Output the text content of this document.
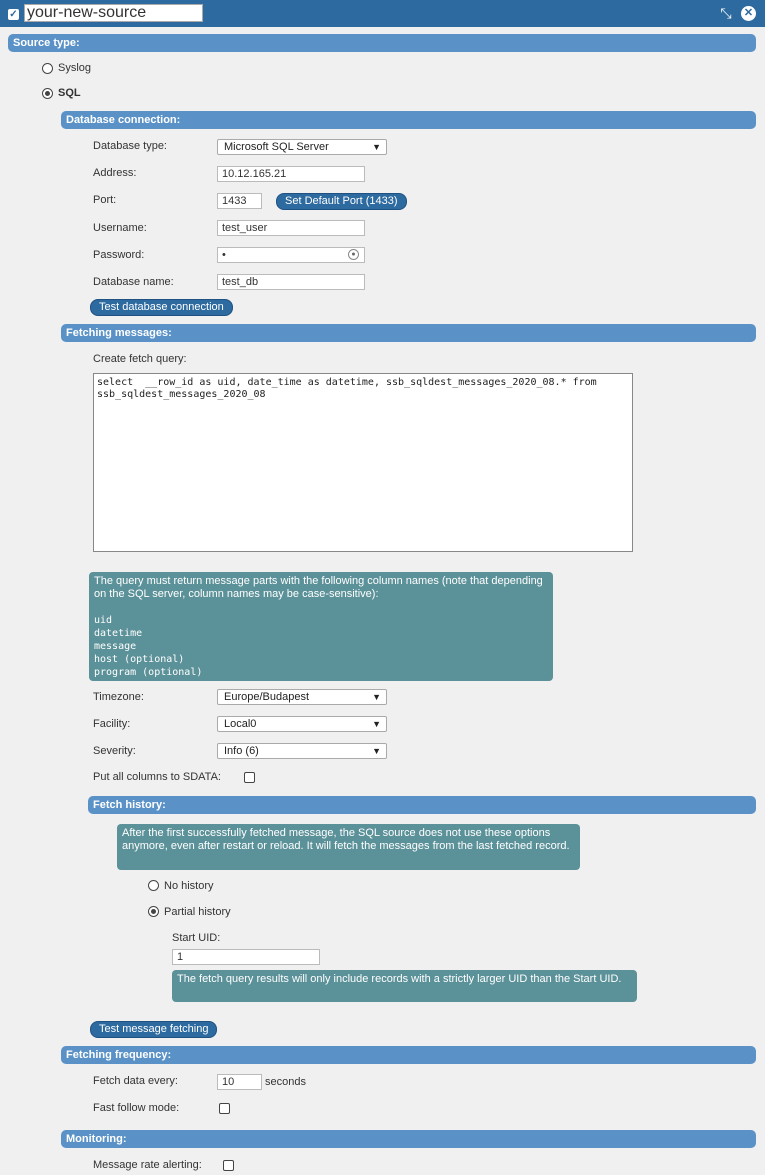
✓ your-new-source	⤡ ✕
Source type:
Syslog
SQL
Database connection:
Database type:	Microsoft SQL Server	▼
Address:	10.12.165.21
Port:	1433	Set Default Port (1433)
Username:	test_user
Password:	•	●
Database name:	test_db
Test database connection
Fetching messages:
Create fetch query:
select __row_id as uid, date_time as datetime, ssb_sqldest_messages_2020_08.* from ssb_sqldest_messages_2020_08
The query must return message parts with the following column names (note that depending on the SQL server, column names may be case-sensitive):
uid
datetime
message
host (optional)
program (optional)
Timezone:	Europe/Budapest	▼
Facility:	Local0	▼
Severity:	Info (6)	▼
Put all columns to SDATA:
Fetch history:
After the first successfully fetched message, the SQL source does not use these options anymore, even after restart or reload. It will fetch the messages from the last fetched record.
No history
Partial history
Start UID:
1
The fetch query results will only include records with a strictly larger UID than the Start UID.
Test message fetching
Fetching frequency:
Fetch data every:	10	seconds
Fast follow mode:
Monitoring:
Message rate alerting:
